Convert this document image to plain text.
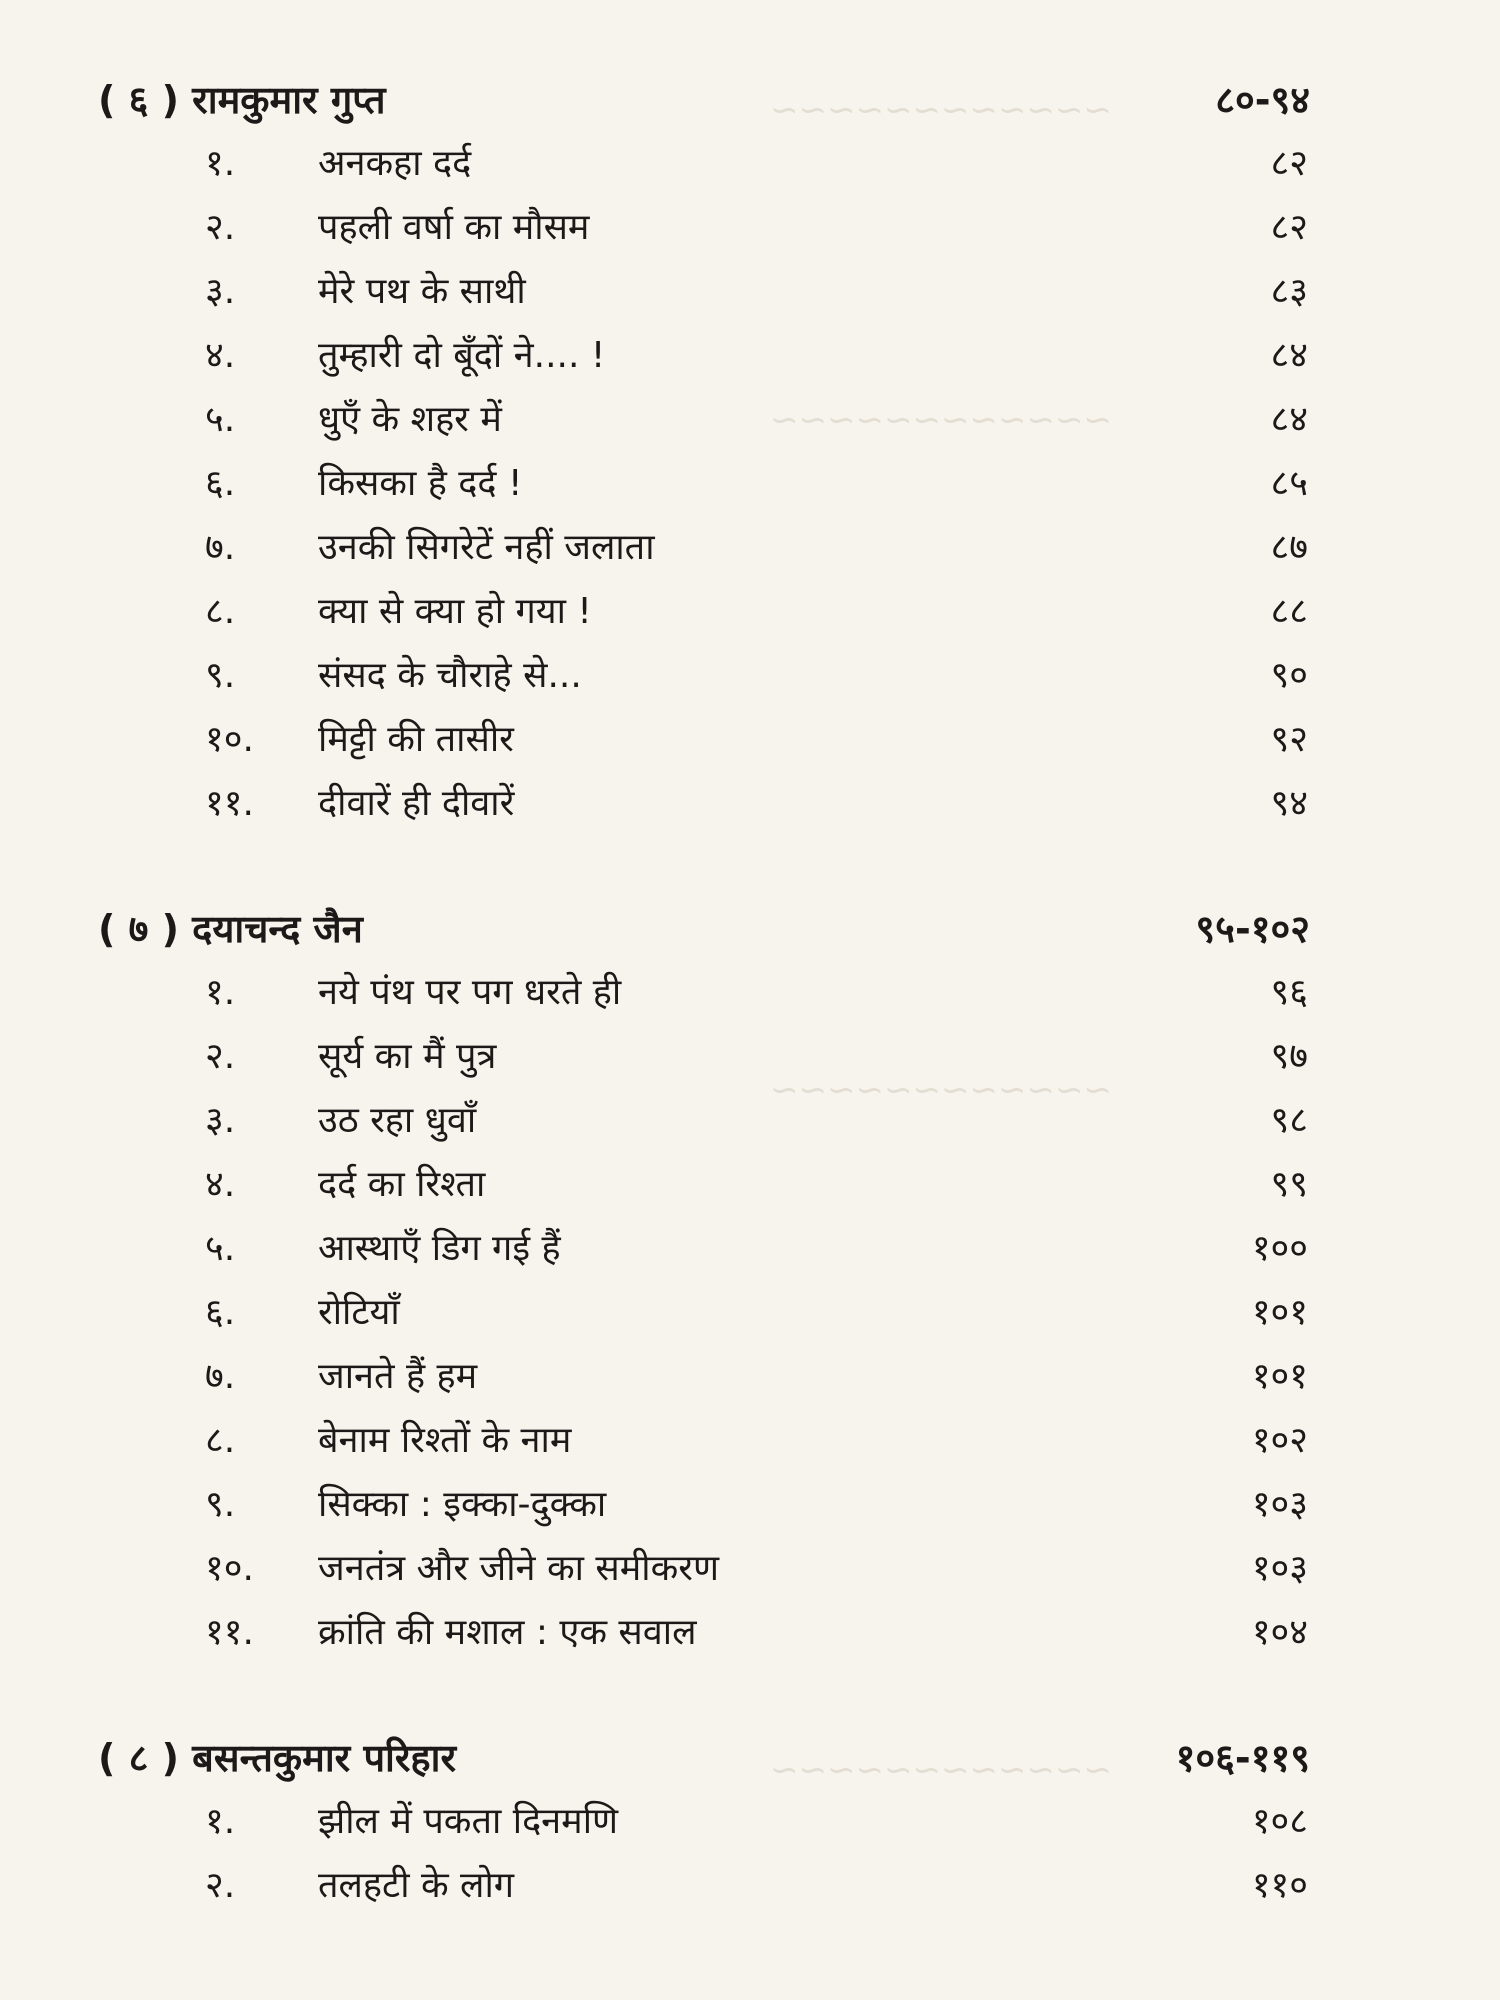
~~~~~~~~~~~~
~~~~~~~~~~~~
~~~~~~~~~~~~
~~~~~~~~~~~~
( ६ ) रामकुमार गुप्त	८०-९४
१. अनकहा दर्द	८२
२. पहली वर्षा का मौसम	८२
३. मेरे पथ के साथी	८३
४. तुम्हारी दो बूँदों ने.... !	८४
५. धुएँ के शहर में	८४
६. किसका है दर्द !	८५
७. उनकी सिगरेटें नहीं जलाता	८७
८. क्या से क्या हो गया !	८८
९. संसद के चौराहे से...	९०
१०. मिट्टी की तासीर	९२
११. दीवारें ही दीवारें	९४
( ७ ) दयाचन्द जैन	९५-१०२
१. नये पंथ पर पग धरते ही	९६
२. सूर्य का मैं पुत्र	९७
३. उठ रहा धुवाँ	९८
४. दर्द का रिश्ता	९९
५. आस्थाएँ डिग गई हैं	१००
६. रोटियाँ	१०१
७. जानते हैं हम	१०१
८. बेनाम रिश्तों के नाम	१०२
९. सिक्का : इक्का-दुक्का	१०३
१०. जनतंत्र और जीने का समीकरण	१०३
११. क्रांति की मशाल : एक सवाल	१०४
( ८ ) बसन्तकुमार परिहार	१०६-११९
१. झील में पकता दिनमणि	१०८
२. तलहटी के लोग	११०
